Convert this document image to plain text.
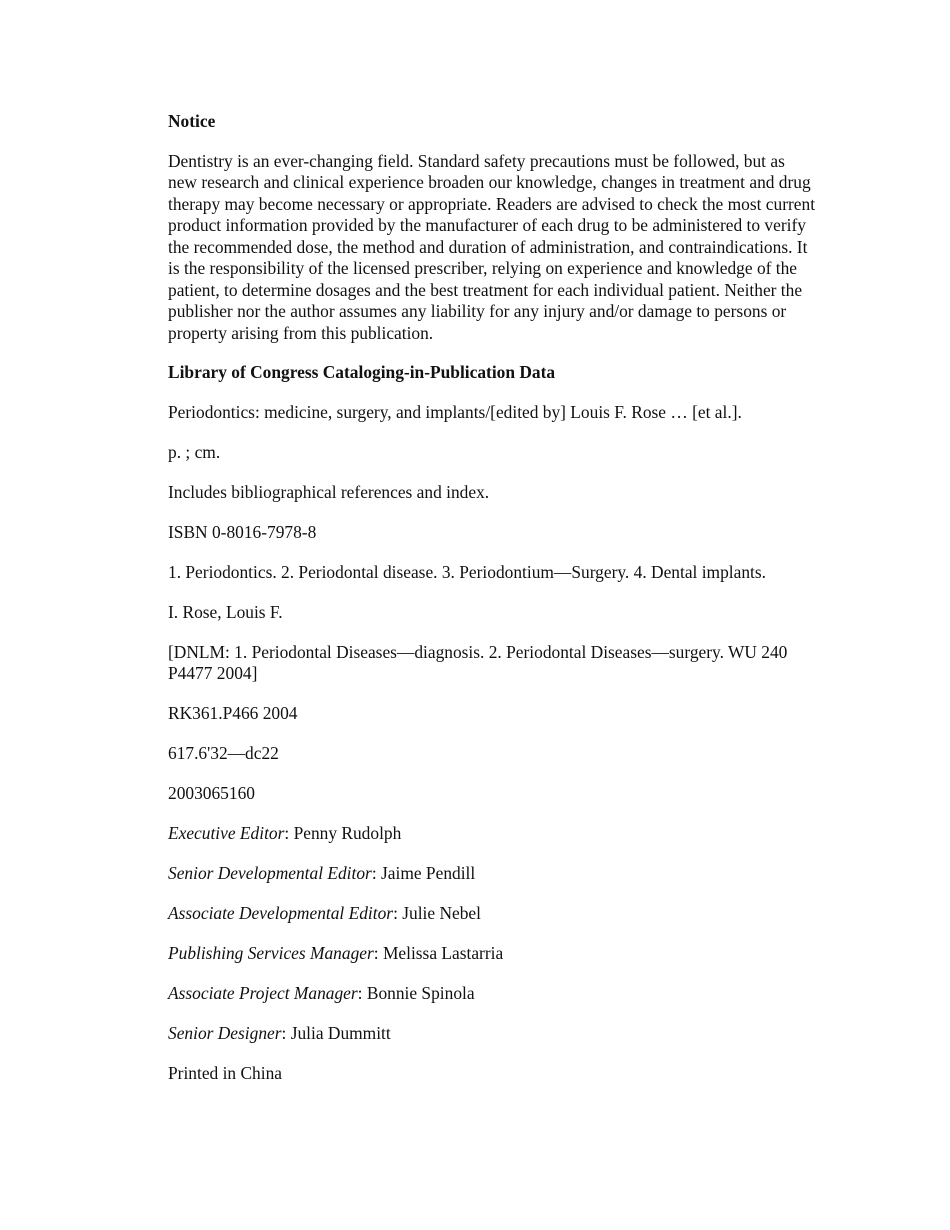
Notice

Dentistry is an ever-changing field. Standard safety precautions must be followed, but as new research and clinical experience broaden our knowledge, changes in treatment and drug therapy may become necessary or appropriate. Readers are advised to check the most current product information provided by the manufacturer of each drug to be administered to verify the recommended dose, the method and duration of administration, and contraindications. It is the responsibility of the licensed prescriber, relying on experience and knowledge of the patient, to determine dosages and the best treatment for each individual patient. Neither the publisher nor the author assumes any liability for any injury and/or damage to persons or property arising from this publication.

Library of Congress Cataloging-in-Publication Data

Periodontics: medicine, surgery, and implants/[edited by] Louis F. Rose … [et al.].

p. ; cm.

Includes bibliographical references and index.

ISBN 0-8016-7978-8

1. Periodontics. 2. Periodontal disease. 3. Periodontium—Surgery. 4. Dental implants.

I. Rose, Louis F.

[DNLM: 1. Periodontal Diseases—diagnosis. 2. Periodontal Diseases—surgery. WU 240 P4477 2004]

RK361.P466 2004

617.6'32—dc22

2003065160

Executive Editor: Penny Rudolph

Senior Developmental Editor: Jaime Pendill

Associate Developmental Editor: Julie Nebel

Publishing Services Manager: Melissa Lastarria

Associate Project Manager: Bonnie Spinola

Senior Designer: Julia Dummitt

Printed in China
